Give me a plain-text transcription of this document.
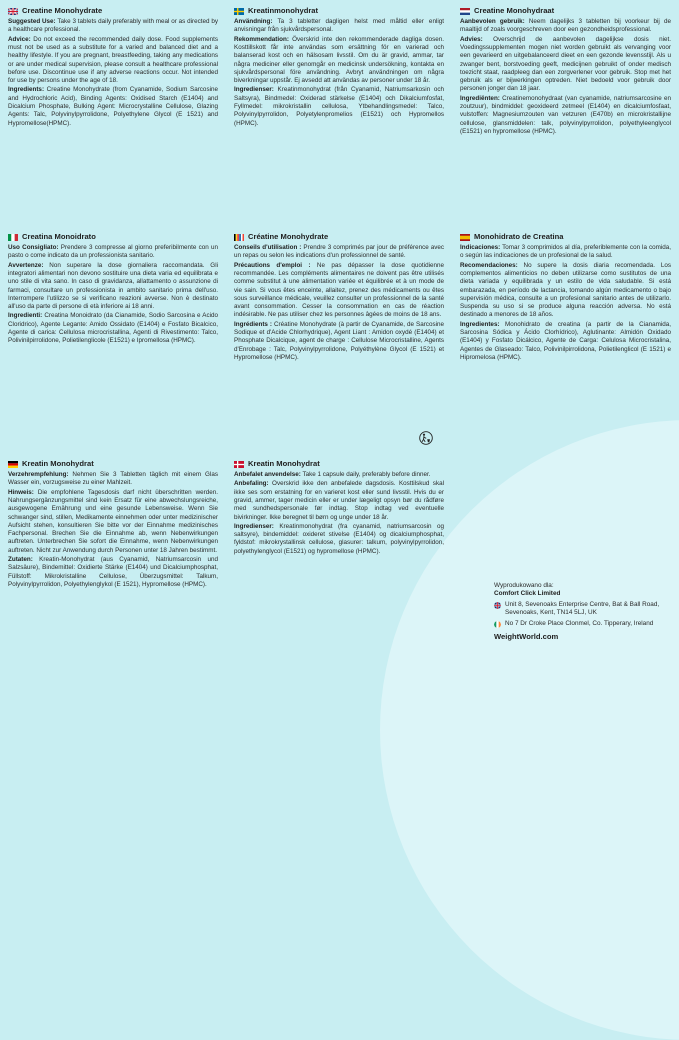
Creatine Monohydrate
Suggested Use: Take 3 tablets daily preferably with meal or as directed by a healthcare professional.
Advice: Do not exceed the recommended daily dose. Food supplements must not be used as a substitute for a varied and balanced diet and a healthy lifestyle. If you are pregnant, breastfeeding, taking any medications or are under medical supervision, please consult a healthcare professional before use. Discontinue use if any adverse reactions occur. Not intended for use by persons under the age of 18.
Ingredients: Creatine Monohydrate (from Cyanamide, Sodium Sarcosine and Hydrochloric Acid), Binding Agents: Oxidised Starch (E1404) and Dicalcium Phosphate, Bulking Agent: Microcrystalline Cellulose, Glazing Agents: Talc, Polyvinylpyrrolidone, Polyethylene Glycol (E 1521) and Hypromellose(HPMC).
Kreatinmonohydrat
Användning: Ta 3 tabletter dagligen helst med måltid eller enligt anvisningar från sjukvårdspersonal.
Rekommendation: Överskrid inte den rekommenderade dagliga dosen. Kosttillskott får inte användas som ersättning för en varierad och balanserad kost och en hälsosam livsstil. Om du är gravid, ammar, tar några mediciner eller genomgår en medicinsk undersökning, kontakta en sjukvårdspersonal före användning. Avbryt användningen om några biverkningar uppstår. Ej avsedd att användas av personer under 18 år.
Ingredienser: Kreatinmonohydrat (från Cyanamid, Natriumsarkosin och Saltsyra), Bindmedel: Oxiderad stärkelse (E1404) och Dikalciumfosfat, Fyllmedel: mikrokristallin cellulosa, Ytbehandlingsmedel: Talco, Polyvinylpyrrolidon, Polyetylenpromelios (E1521) och Hypromellos (HPMC).
Creatine Monohydraat
Aanbevolen gebruik: Neem dagelijks 3 tabletten bij voorkeur bij de maaltijd of zoals voorgeschreven door een gezondheidsprofessional.
Advies: Overschrijd de aanbevolen dagelijkse dosis niet. Voedingssupplementen mogen niet worden gebruikt als vervanging voor een gevarieerd en uitgebalanceerd dieet en een gezonde levensstijl. Als u zwanger bent, borstvoeding geeft, medicijnen gebruikt of onder medisch toezicht staat, raadpleeg dan een zorgverlener voor gebruik. Stop met het gebruik als er bijwerkingen optreden. Niet bedoeld voor gebruik door personen jonger dan 18 jaar.
Ingrediënten: Creatinemonohydraat (van cyanamide, natriumsarcosine en zoutzuur), bindmiddel: geoxideerd zetmeel (E1404) en dicalciumfosfaat, vulstoffen: Magnesiumzouten van vetzuren (E470b) en microkristallijne cellulose, glansmiddelen: talk, polyvinylpyrrolidon, polyethyleenglycol (E1521) en hypromellose (HPMC).
Creatina Monoidrato
Uso Consigliato: Prendere 3 compresse al giorno preferibilmente con un pasto o come indicato da un professionista sanitario.
Avvertenze: Non superare la dose giornaliera raccomandata. Gli integratori alimentari non devono sostituire una dieta varia ed equilibrata e uno stile di vita sano. In caso di gravidanza, allattamento o assunzione di farmaci, consultare un professionista in ambito sanitario prima dell'uso. Interrompere l'utilizzo se si verificano reazioni avverse. Non è destinato all'uso da parte di persone di età inferiore ai 18 anni.
Ingredienti: Creatina Monoidrato (da Cianamide, Sodio Sarcosina e Acido Cloridrico), Agente Legante: Amido Ossidato (E1404) e Fosfato Bicalcico, Agente di carica: Cellulosa microcristallina, Agenti di Rivestimento: Talco, Polivinilpirrolidone, Polietilenglicole (E1521) e Ipromellosa (HPMC).
Créatine Monohydrate
Conseils d'utilisation : Prendre 3 comprimés par jour de préférence avec un repas ou selon les indications d'un professionnel de santé.
Précautions d'emploi : Ne pas dépasser la dose quotidienne recommandée. Les compléments alimentaires ne doivent pas être utilisés comme substitut à une alimentation variée et équilibrée et à un mode de vie sain. Si vous êtes enceinte, allaitez, prenez des médicaments ou êtes sous surveillance médicale, veuillez consulter un professionnel de la santé avant consommation. Cesser la consommation en cas de réaction indésirable. Ne pas utiliser chez les personnes âgées de moins de 18 ans.
Ingrédients : Créatine Monohydrate (à partir de Cyanamide, de Sarcosine Sodique et d'Acide Chlorhydrique), Agent Liant : Amidon oxydé (E1404) et Phosphate Dicalcique, agent de charge : Cellulose Microcristalline, Agents d'Enrobage : Talc, Polyvinylpyrrolidone, Polyéthylène Glycol (E 1521) et Hypromellose (HPMC).
Monohidrato de Creatina
Indicaciones: Tomar 3 comprimidos al día, preferiblemente con la comida, o según las indicaciones de un profesional de la salud.
Recomendaciones: No supere la dosis diaria recomendada. Los complementos alimenticios no deben utilizarse como sustitutos de una dieta variada y equilibrada y un estilo de vida saludable. Si está embarazada, en período de lactancia, tomando algún medicamento o bajo supervisión médica, consulte a un profesional sanitario antes de utilizarlo. Suspenda su uso si se produce alguna reacción adversa. No está destinado a menores de 18 años.
Ingredientes: Monohidrato de creatina (a partir de la Cianamida, Sarcosina Sódica y Ácido Clorhídrico), Aglutinante: Almidón Oxidado (E1404) y Fosfato Dicálcico, Agente de Carga: Celulosa Microcristalina, Agentes de Glaseado: Talco, Polivinilpirrolidona, Polietilenglicol (E 1521) e Hipromelosa (HPMC).
Kreatin Monohydrat
Verzehrempfehlung: Nehmen Sie 3 Tabletten täglich mit einem Glas Wasser ein, vorzugsweise zu einer Mahlzeit.
Hinweis: Die empfohlene Tagesdosis darf nicht überschritten werden. Nahrungsergänzungsmittel sind kein Ersatz für eine abwechslungsreiche, ausgewogene Ernährung und eine gesunde Lebensweise. Wenn Sie schwanger sind, stillen, Medikamente einnehmen oder unter medizinischer Aufsicht stehen, konsultieren Sie bitte vor der Einnahme medizinisches Fachpersonal. Brechen Sie die Einnahme ab, wenn Nebenwirkungen auftreten. Unterbrechen Sie sofort die Einnahme, wenn Nebenwirkungen auftreten. Nicht zur Anwendung durch Personen unter 18 Jahren bestimmt.
Zutaten: Kreatin-Monohydrat (aus Cyanamid, Natriumsarcosin und Salzsäure), Bindemittel: Oxidierte Stärke (E1404) und Dicalciumphosphat, Füllstoff: Mikrokristalline Cellulose, Überzugsmittel: Talkum, Polyvinylpyrrolidon, Polyethylenglykol (E 1521), Hypromellose (HPMC).
Kreatin Monohydrat
Anbefalet anvendelse: Take 1 capsule daily, preferably before dinner.
Anbefaling: Overskrid ikke den anbefalede dagsdosis. Kosttilskud skal ikke ses som erstatning for en varieret kost eller sund livsstil. Hvis du er gravid, ammer, tager medicin eller er under lægeligt opsyn bør du rådføre med sundhedspersonale før indtag. Stop indtag ved eventuelle bivirkninger. Ikke beregnet til børn og unge under 18 år.
Ingredienser: Kreatinmonohydrat (fra cyanamid, natriumsarcosin og saltsyre), bindemiddel: oxideret stivelse (E1404) og dicalciumphosphat, fyldstof: mikrokrystallinsk cellulose, glasurer: talkum, polyvinylpyrrolidon, polyethylenglycol (E1521) og hypromellose (HPMC).
Wyprodukowano dla:
Comfort Click Limited
Unit 8, Sevenoaks Enterprise Centre, Bat & Ball Road, Sevenoaks, Kent, TN14 5LJ, UK
No 7 Dr Croke Place Clonmel, Co. Tipperary, Ireland
WeightWorld.com
